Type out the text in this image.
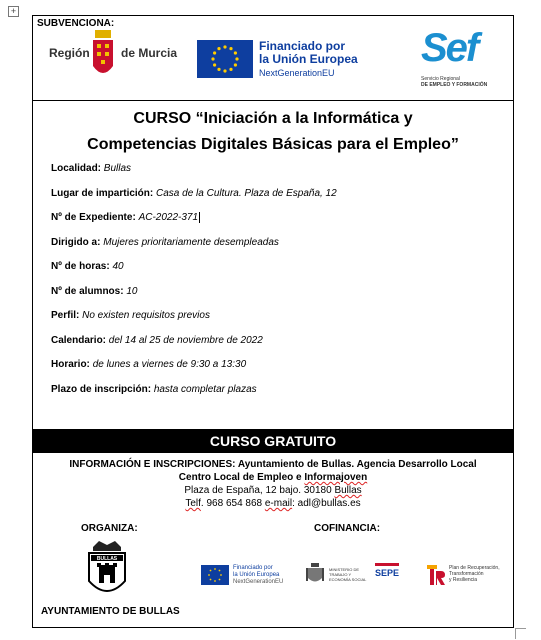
+
SUBVENCIONA:
Región	de Murcia	Financiado por
la Unión Europea
NextGenerationEU
Sef
Servicio Regional
DE EMPLEO Y FORMACIÓN
CURSO “Iniciación a la Informática y
Competencias Digitales Básicas para el Empleo”
Localidad: Bullas
Lugar de impartición: Casa de la Cultura. Plaza de España, 12
Nº de Expediente: AC-2022-371
Dirigido a: Mujeres prioritariamente desempleadas
Nº de horas: 40
Nº de alumnos: 10
Perfil: No existen requisitos previos
Calendario: del 14 al 25 de noviembre de 2022
Horario: de lunes a viernes de 9:30 a 13:30
Plazo de inscripción: hasta completar plazas
CURSO GRATUITO
INFORMACIÓN E INSCRIPCIONES: Ayuntamiento de Bullas. Agencia Desarrollo Local
Centro Local de Empleo e Informajoven
Plaza de España, 12 bajo. 30180 Bullas
Telf. 968 654 868 e-mail: adl@bullas.es
ORGANIZA:	COFINANCIA:
BULLAS
AYUNTAMIENTO DE BULLAS
Financiado por
la Unión Europea
NextGenerationEU
MINISTERIO DE TRABAJO Y ECONOMÍA SOCIAL
SEPE	Plan de Recuperación,
Transformación
y Resiliencia
